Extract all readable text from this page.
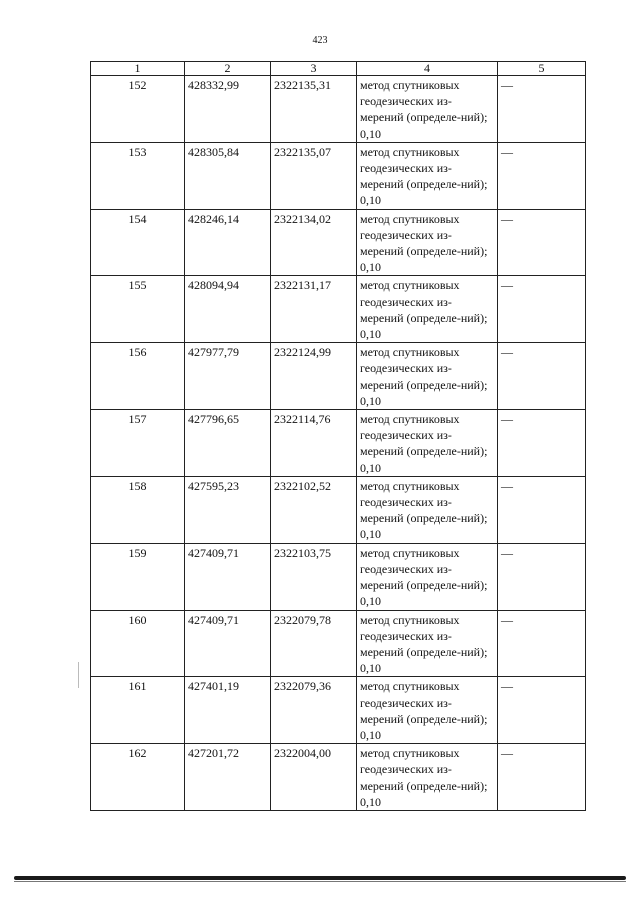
423
1	2	3	4	5
152	428332,99	2322135,31	метод спутниковых геодезических из-мерений (определе-ний); 0,10	—
153	428305,84	2322135,07	метод спутниковых геодезических из-мерений (определе-ний); 0,10	—
154	428246,14	2322134,02	метод спутниковых геодезических из-мерений (определе-ний); 0,10	—
155	428094,94	2322131,17	метод спутниковых геодезических из-мерений (определе-ний); 0,10	—
156	427977,79	2322124,99	метод спутниковых геодезических из-мерений (определе-ний); 0,10	—
157	427796,65	2322114,76	метод спутниковых геодезических из-мерений (определе-ний); 0,10	—
158	427595,23	2322102,52	метод спутниковых геодезических из-мерений (определе-ний); 0,10	—
159	427409,71	2322103,75	метод спутниковых геодезических из-мерений (определе-ний); 0,10	—
160	427409,71	2322079,78	метод спутниковых геодезических из-мерений (определе-ний); 0,10	—
161	427401,19	2322079,36	метод спутниковых геодезических из-мерений (определе-ний); 0,10	—
162	427201,72	2322004,00	метод спутниковых геодезических из-мерений (определе-ний); 0,10	—
